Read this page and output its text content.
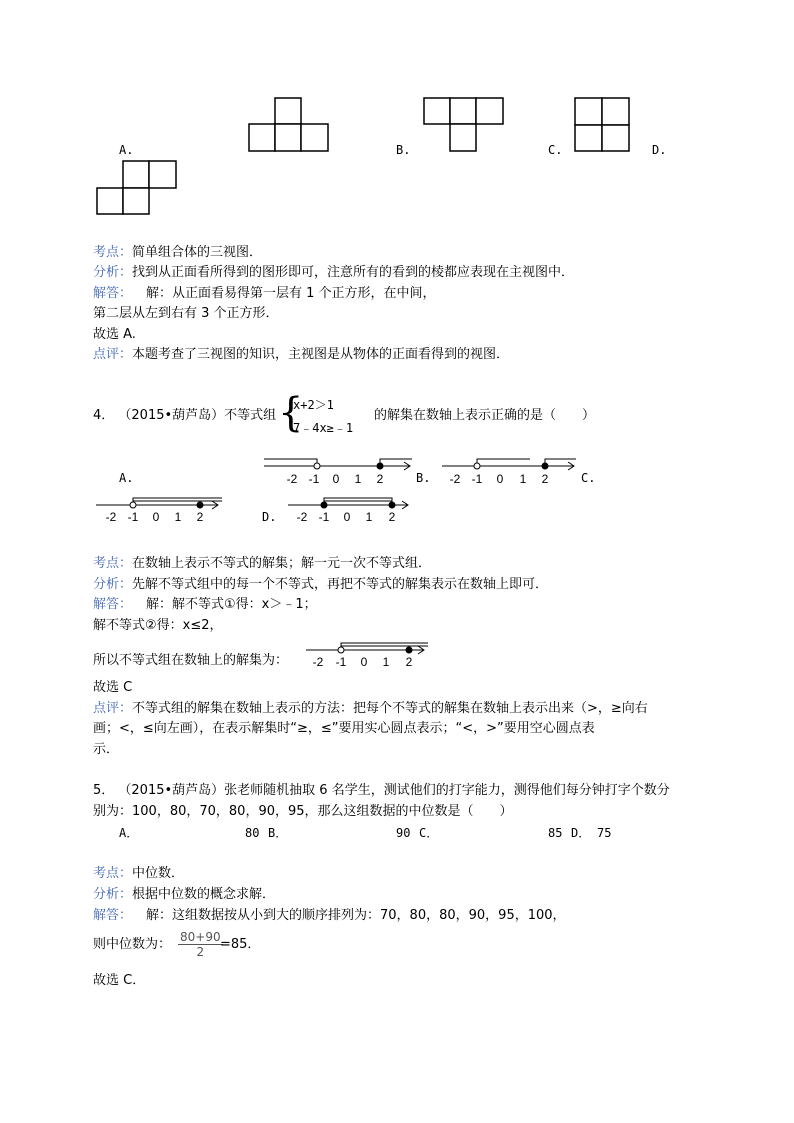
A.	B.	C.	D.
考点：简单组合体的三视图．
分析：找到从正面看所得到的图形即可，注意所有的看到的棱都应表现在主视图中．
解答： 解：从正面看易得第一层有 1 个正方形，在中间，
第二层从左到右有 3 个正方形．
故选 A.
点评：本题考查了三视图的知识，主视图是从物体的正面看得到的视图．
4． （2015•葫芦岛）不等式组 {
x+2＞1
7﹣4x≥﹣1
的解集在数轴上表示正确的是（　　）
A.	-2 -1 0 1 2	B. -2 -1 0 1 2	C.
-2 -1 0 1 2	D. -2 -1 0 1 2
考点：在数轴上表示不等式的解集；解一元一次不等式组．
分析：先解不等式组中的每一个不等式，再把不等式的解集表示在数轴上即可．
解答： 解：解不等式①得：x＞﹣1；
解不等式②得：x≤2，
所以不等式组在数轴上的解集为： -2 -1 0 1 2
故选 C
点评：不等式组的解集在数轴上表示的方法：把每个不等式的解集在数轴上表示出来（>，≥向右
画；<，≤向左画），在表示解集时“≥，≤”要用实心圆点表示；“<，>”要用空心圆点表
示．
5． （2015•葫芦岛）张老师随机抽取 6 名学生，测试他们的打字能力，测得他们每分钟打字个数分
别为：100，80，70，80，90，95，那么这组数据的中位数是（　　）
A．	80 B．	90 C．	85 D． 75
考点：中位数．
分析：根据中位数的概念求解．
解答： 解：这组数据按从小到大的顺序排列为：70，80，80，90，95，100，
则中位数为： $\frac{80+90}{2}$
=85．
故选 C．
